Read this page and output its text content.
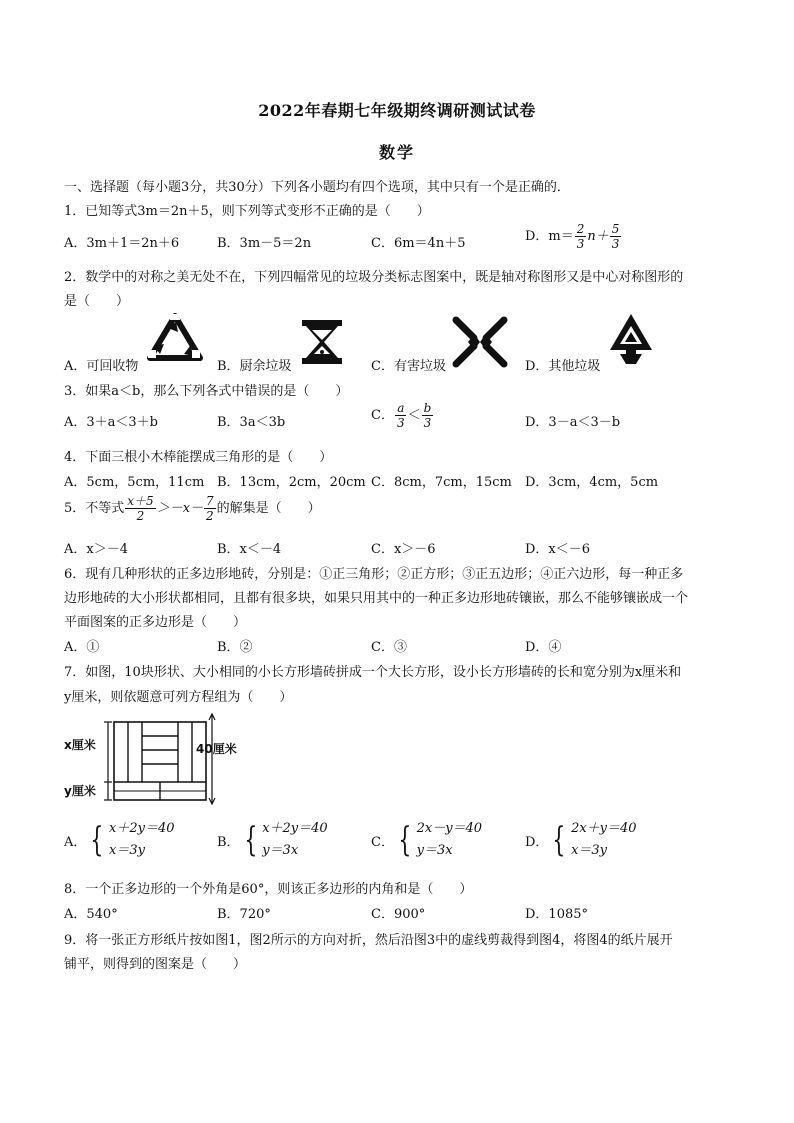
2022年春期七年级期终调研测试试卷
数学
一、选择题（每小题3分，共30分）下列各小题均有四个选项，其中只有一个是正确的．
1．已知等式3m＝2n＋5，则下列等式变形不正确的是（　　）
A．3m＋1＝2n＋6	B．3m－5＝2n	C．6m＝4n＋5	D．$m= \frac{2}{3} n+ \frac{5}{3}$
2．数学中的对称之美无处不在，下列四幅常见的垃圾分类标志图案中，既是轴对称图形又是中心对称图形的
是（　　）
A．可回收物	B．厨余垃圾	C．有害垃圾	D．其他垃圾
3．如果a＜b，那么下列各式中错误的是（　　）
A．3＋a＜3＋b	B．3a＜3b	C． $\frac{a}{3} < \frac{b}{3}$	D．3－a＜3－b
4．下面三根小木棒能摆成三角形的是（　　）
A．5cm，5cm，11cm B．13cm，2cm，20cm C．8cm，7cm，15cm D．3cm，4cm，5cm
5．不等式 $\frac{x+5}{2} >-x- \frac{7}{2}$ 的解集是（　　）
A．x＞－4	B．x＜－4	C．x＞－6	D．x＜－6
6．现有几种形状的正多边形地砖，分别是：①正三角形；②正方形；③正五边形；④正六边形，每一种正多
边形地砖的大小形状都相同，且都有很多块，如果只用其中的一种正多边形地砖镶嵌，那么不能够镶嵌成一个
平面图案的正多边形是（　　）
A．①	B．②	C．③	D．④
7．如图，10块形状、大小相同的小长方形墙砖拼成一个大长方形，设小长方形墙砖的长和宽分别为x厘米和
y厘米，则依题意可列方程组为（　　）
x厘米
y厘米
40厘米
A． { x＋2y＝40
x＝3y
B． { x＋2y＝40
y＝3x
C． { 2x－y＝40
y＝3x
D． { 2x＋y＝40
x＝3y
8．一个正多边形的一个外角是60°，则该正多边形的内角和是（　　）
A．540°	B．720°	C．900°	D．1085°
9．将一张正方形纸片按如图1，图2所示的方向对折，然后沿图3中的虚线剪裁得到图4，将图4的纸片展开
铺平，则得到的图案是（　　）
